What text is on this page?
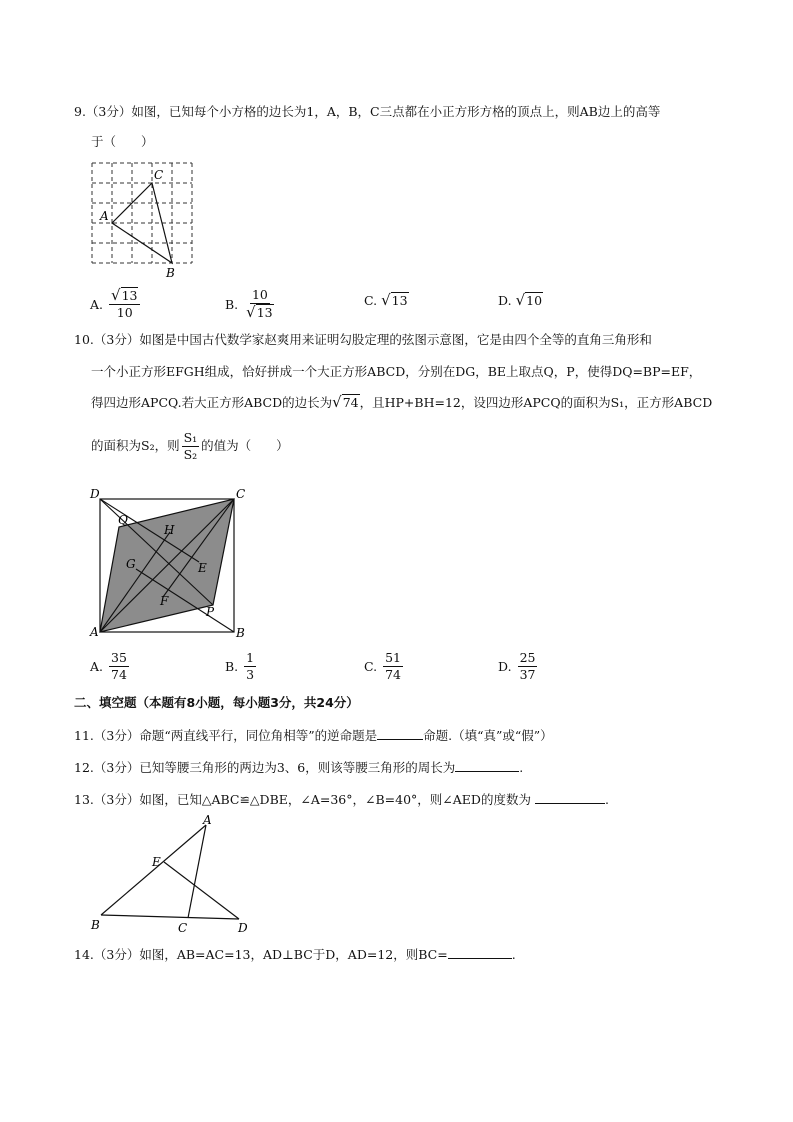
9.（3分）如图，已知每个小方格的边长为1，A，B，C三点都在小正方形方格的顶点上，则AB边上的高等
于（　　）
A
C
B
A. $\frac{√ 13}{10}$	B. $\frac{10}{√ 13}$	C. √ 13	D. √ 10
10.（3分）如图是中国古代数学家赵爽用来证明勾股定理的弦图示意图，它是由四个全等的直角三角形和
一个小正方形EFGH组成，恰好拼成一个大正方形ABCD，分别在DG，BE上取点Q，P，使得DQ=BP=EF，
得四边形APCQ.若大正方形ABCD的边长为 √ 74 ，且HP+BH=12，设四边形APCQ的面积为S₁，正方形ABCD
的面积为S₂，则 $\frac{\text{S₁}}{\text{S₂}}$ 的值为（　　）
D	C
A	B
Q
H
G	E
F
P
A. $\frac{35}{74}$	B. $\frac{1}{3}$	C. $\frac{51}{74}$	D. $\frac{25}{37}$
二、填空题（本题有8小题，每小题3分，共24分）
11.（3分）命题“两直线平行，同位角相等”的逆命题是	命题.（填“真”或“假”）
12.（3分）已知等腰三角形的两边为3、6，则该等腰三角形的周长为	.
13.（3分）如图，已知△ABC≌△DBE，∠A=36°，∠B=40°，则∠AED的度数为	.
A
E
B	C	D
14.（3分）如图，AB=AC=13，AD⊥BC于D，AD=12，则BC=	.
